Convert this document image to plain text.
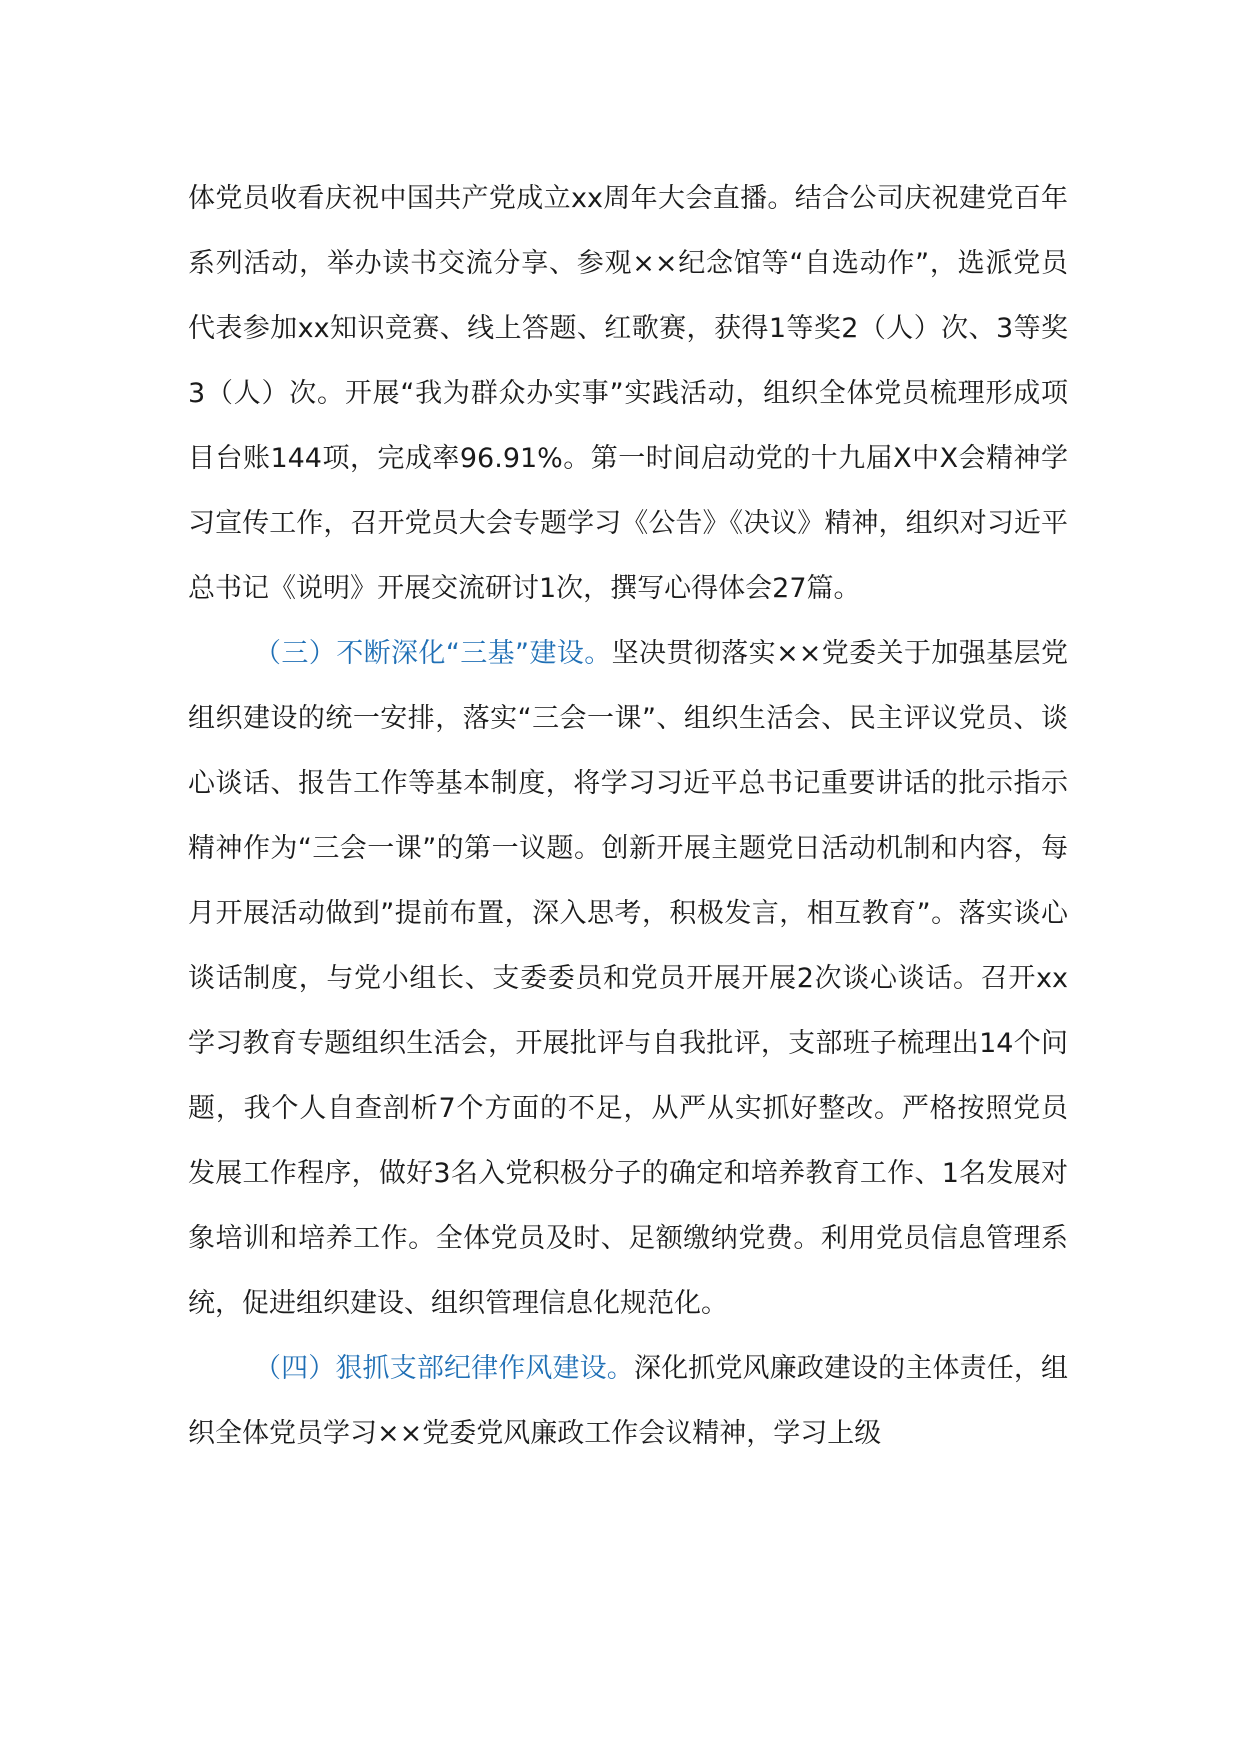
体党员收看庆祝中国共产党成立xx周年大会直播。结合公司庆祝建党百年系列活动，举办读书交流分享、参观××纪念馆等“自选动作”，选派党员代表参加xx知识竞赛、线上答题、红歌赛，获得1等奖2（人）次、3等奖3（人）次。开展“我为群众办实事”实践活动，组织全体党员梳理形成项目台账144项，完成率96.91%。第一时间启动党的十九届X中X会精神学习宣传工作，召开党员大会专题学习《公告》《决议》精神，组织对习近平总书记《说明》开展交流研讨1次，撰写心得体会27篇。

（三）不断深化“三基”建设。坚决贯彻落实××党委关于加强基层党组织建设的统一安排，落实“三会一课”、组织生活会、民主评议党员、谈心谈话、报告工作等基本制度，将学习习近平总书记重要讲话的批示指示精神作为“三会一课”的第一议题。创新开展主题党日活动机制和内容，每月开展活动做到”提前布置，深入思考，积极发言，相互教育”。落实谈心谈话制度，与党小组长、支委委员和党员开展开展2次谈心谈话。召开xx学习教育专题组织生活会，开展批评与自我批评，支部班子梳理出14个问题，我个人自查剖析7个方面的不足，从严从实抓好整改。严格按照党员发展工作程序，做好3名入党积极分子的确定和培养教育工作、1名发展对象培训和培养工作。全体党员及时、足额缴纳党费。利用党员信息管理系统，促进组织建设、组织管理信息化规范化。

（四）狠抓支部纪律作风建设。深化抓党风廉政建设的主体责任，组织全体党员学习××党委党风廉政工作会议精神，学习上级
